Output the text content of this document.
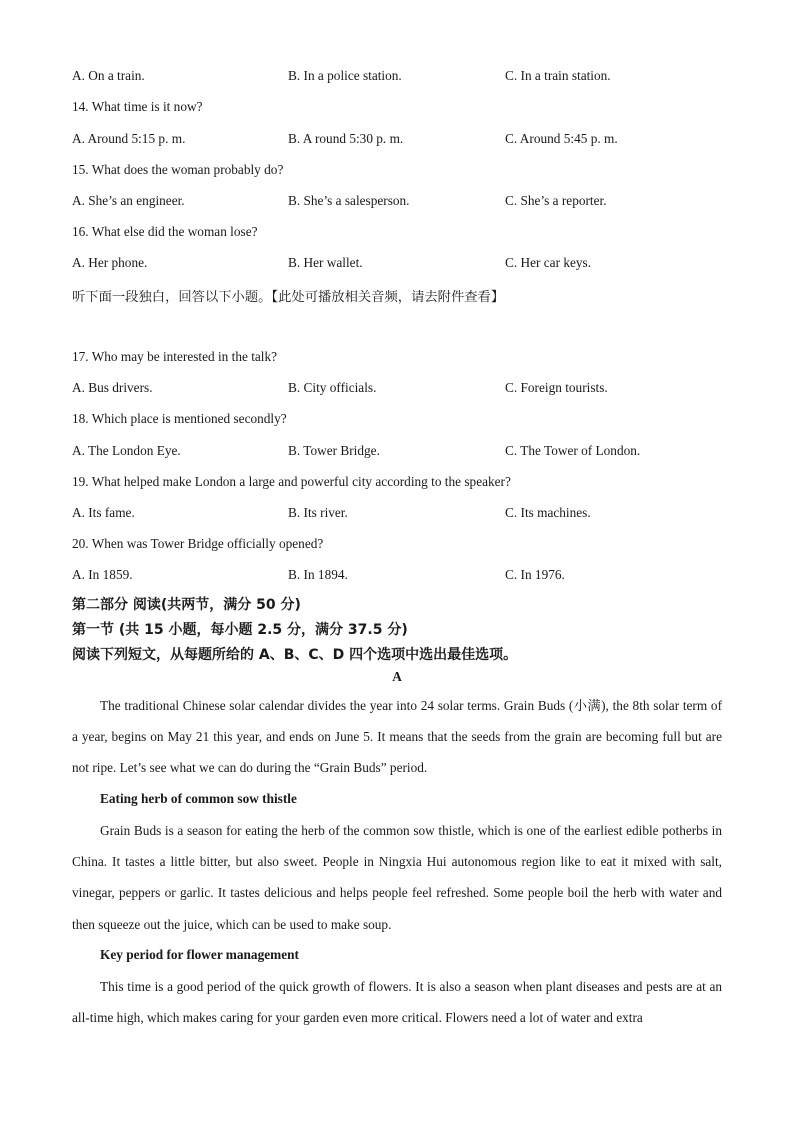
A. On a train.	B. In a police station.	C. In a train station.
14. What time is it now?
A. Around 5:15 p. m.	B. A round 5:30 p. m.	C. Around 5:45 p. m.
15. What does the woman probably do?
A. She’s an engineer.	B. She’s a salesperson.	C. She’s a reporter.
16. What else did the woman lose?
A. Her phone.	B. Her wallet.	C. Her car keys.
听下面一段独白，回答以下小题。【此处可播放相关音频，请去附件查看】
17. Who may be interested in the talk?
A. Bus drivers.	B. City officials.	C. Foreign tourists.
18. Which place is mentioned secondly?
A. The London Eye.	B. Tower Bridge.	C. The Tower of London.
19. What helped make London a large and powerful city according to the speaker?
A. Its fame.	B. Its river.	C. Its machines.
20. When was Tower Bridge officially opened?
A. In 1859.	B. In 1894.	C. In 1976.
第二部分 阅读(共两节，满分 50 分)
第一节 (共 15 小题，每小题 2.5 分，满分 37.5 分)
阅读下列短文，从每题所给的 A、B、C、D 四个选项中选出最佳选项。
A
The traditional Chinese solar calendar divides the year into 24 solar terms. Grain Buds (小满), the 8th solar term of a year, begins on May 21 this year, and ends on June 5. It means that the seeds from the grain are becoming full but are not ripe. Let’s see what we can do during the “Grain Buds” period.
Eating herb of common sow thistle
Grain Buds is a season for eating the herb of the common sow thistle, which is one of the earliest edible potherbs in China. It tastes a little bitter, but also sweet. People in Ningxia Hui autonomous region like to eat it mixed with salt, vinegar, peppers or garlic. It tastes delicious and helps people feel refreshed. Some people boil the herb with water and then squeeze out the juice, which can be used to make soup.
Key period for flower management
This time is a good period of the quick growth of flowers. It is also a season when plant diseases and pests are at an all-time high, which makes caring for your garden even more critical. Flowers need a lot of water and extra
